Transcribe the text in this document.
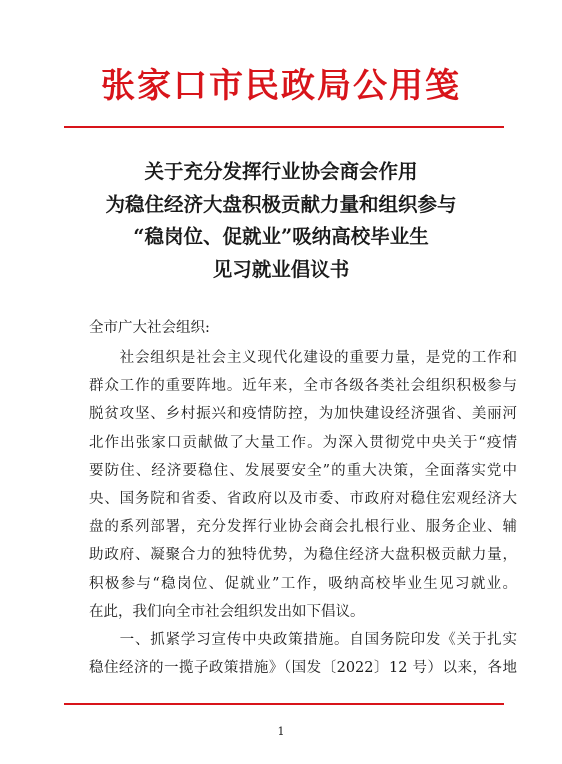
张家口市民政局公用笺
关于充分发挥行业协会商会作用
为稳住经济大盘积极贡献力量和组织参与
“稳岗位、促就业”吸纳高校毕业生
见习就业倡议书
全市广大社会组织:
　　社会组织是社会主义现代化建设的重要力量，是党的工作和
群众工作的重要阵地。近年来，全市各级各类社会组织积极参与
脱贫攻坚、乡村振兴和疫情防控，为加快建设经济强省、美丽河
北作出张家口贡献做了大量工作。为深入贯彻党中央关于“疫情
要防住、经济要稳住、发展要安全”的重大决策，全面落实党中
央、国务院和省委、省政府以及市委、市政府对稳住宏观经济大
盘的系列部署，充分发挥行业协会商会扎根行业、服务企业、辅
助政府、凝聚合力的独特优势，为稳住经济大盘积极贡献力量，
积极参与“稳岗位、促就业”工作，吸纳高校毕业生见习就业。
在此，我们向全市社会组织发出如下倡议。
　　一、抓紧学习宣传中央政策措施。自国务院印发《关于扎实
稳住经济的一揽子政策措施》（国发〔2022〕12 号）以来，各地
1
